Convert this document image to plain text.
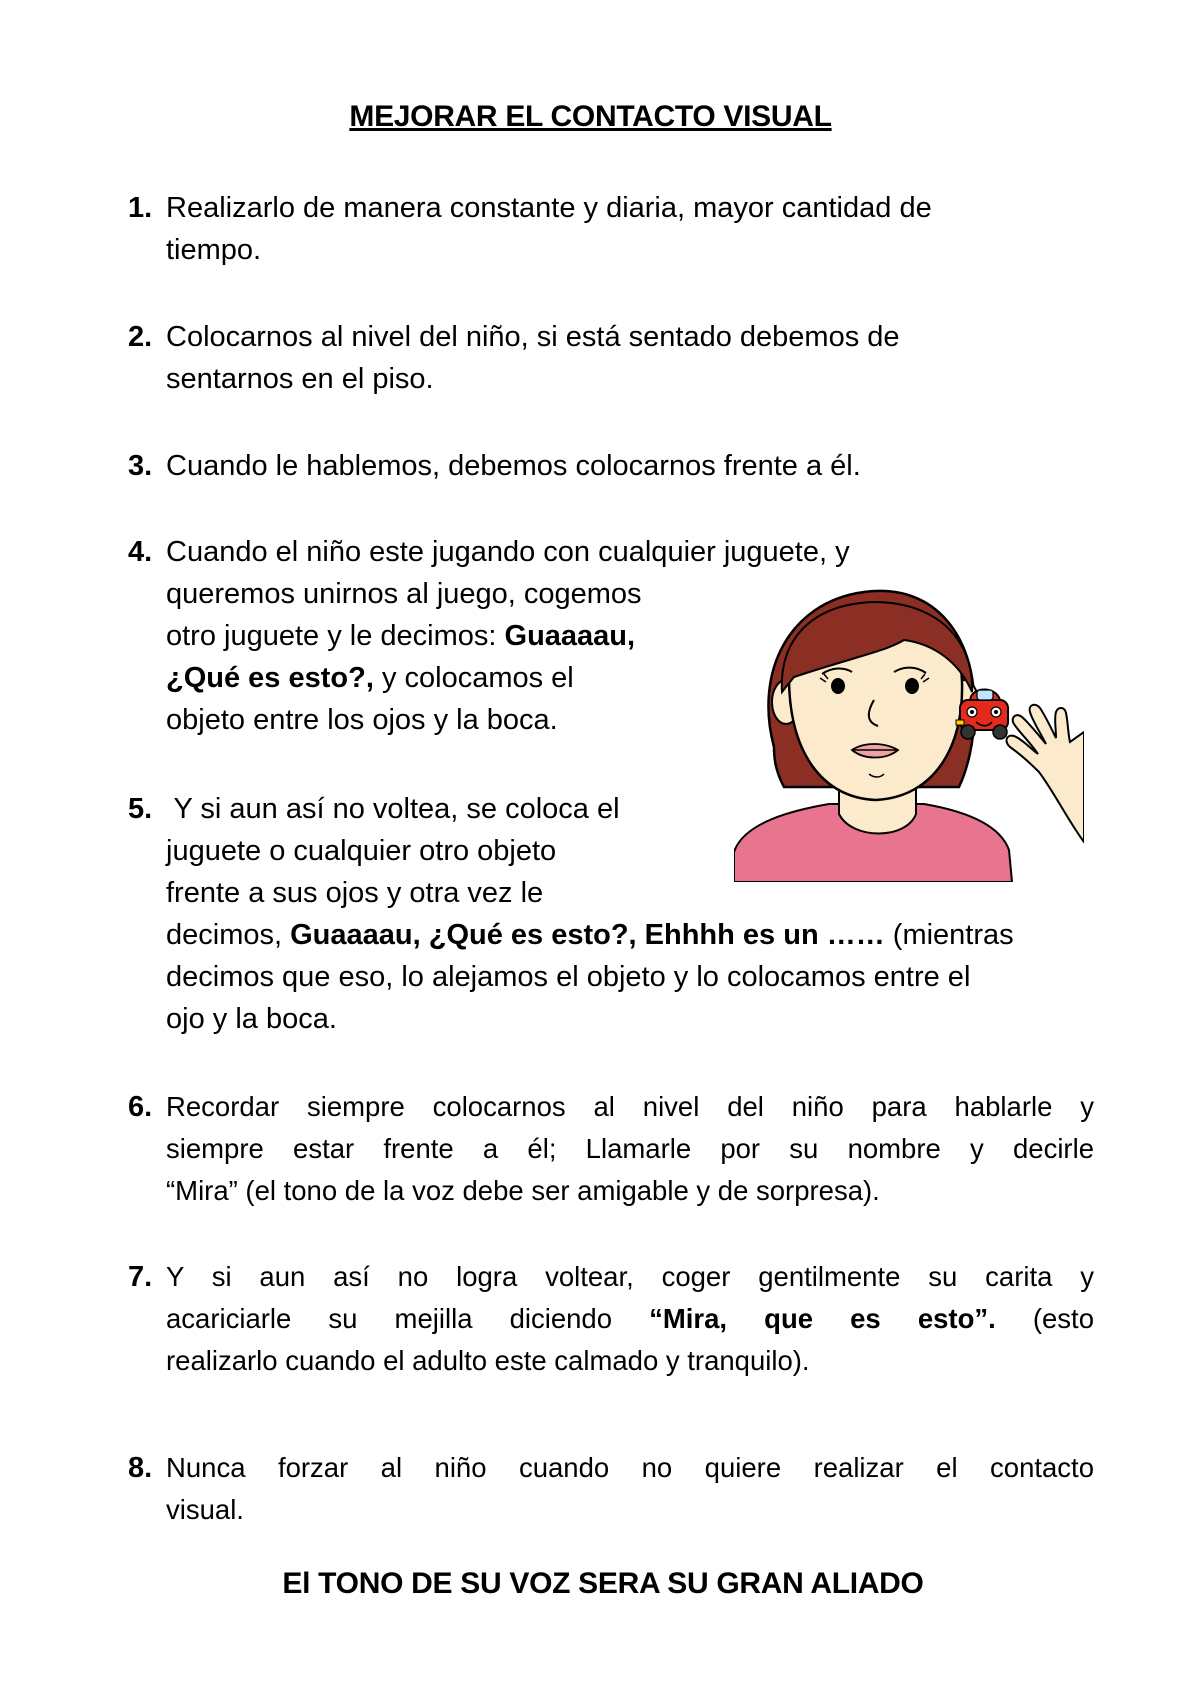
MEJORAR EL CONTACTO VISUAL
1. Realizarlo de manera constante y diaria, mayor cantidad de
tiempo.
2. Colocarnos al nivel del niño, si está sentado debemos de
sentarnos en el piso.
3. Cuando le hablemos, debemos colocarnos frente a él.
4. Cuando el niño este jugando con cualquier juguete, y
queremos unirnos al juego, cogemos
otro juguete y le decimos: Guaaaau,
¿Qué es esto?, y colocamos el
objeto entre los ojos y la boca.
5. Y si aun así no voltea, se coloca el
juguete o cualquier otro objeto
frente a sus ojos y otra vez le
decimos, Guaaaau, ¿Qué es esto?, Ehhhh es un …… (mientras
decimos que eso, lo alejamos el objeto y lo colocamos entre el
ojo y la boca.
6. Recordar siempre colocarnos al nivel del niño para hablarle y
siempre estar frente a él; Llamarle por su nombre y decirle
“Mira” (el tono de la voz debe ser amigable y de sorpresa).
7. Y si aun así no logra voltear, coger gentilmente su carita y
acariciarle su mejilla diciendo “Mira, que es esto”. (esto
realizarlo cuando el adulto este calmado y tranquilo).
8. Nunca forzar al niño cuando no quiere realizar el contacto
visual.
El TONO DE SU VOZ SERA SU GRAN ALIADO
